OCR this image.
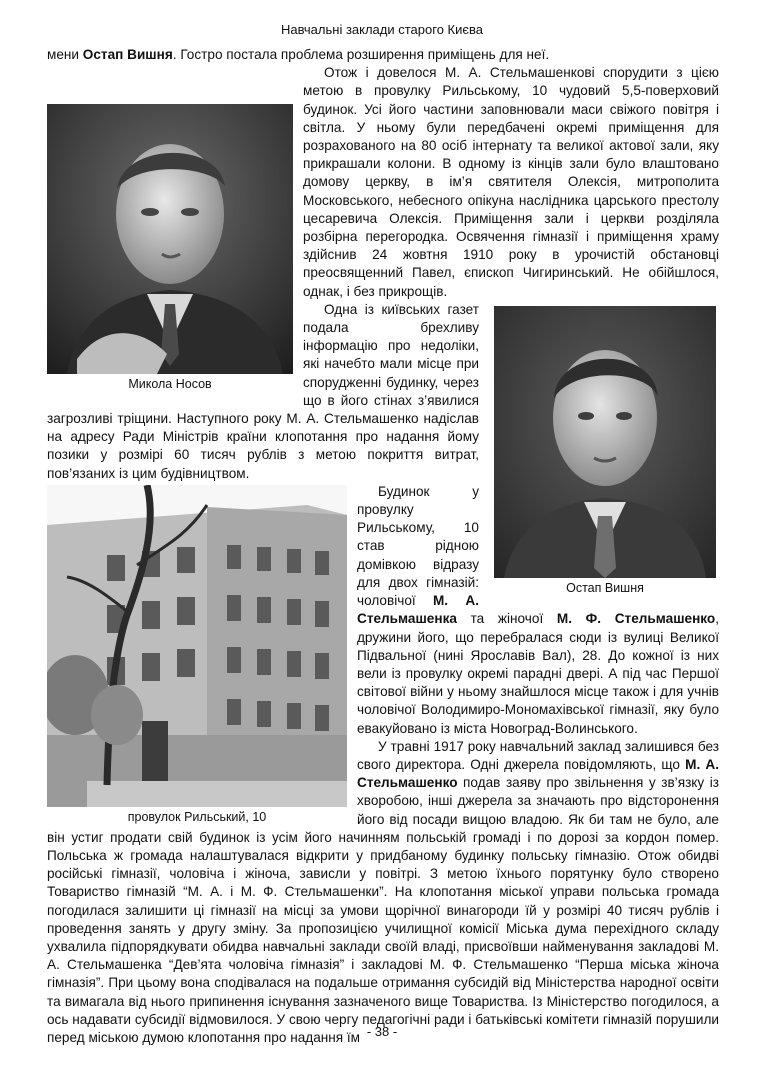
Навчальні заклади старого Києва

мени Остап Вишня. Гостро постала проблема розширення приміщень для неї.

Микола Носов

Отож і довелося М. А. Стельмашенкові спорудити з цією метою в провулку Рильському, 10 чудовий 5,5-поверховий будинок. Усі його частини заповнювали маси свіжого повітря і світла. У ньому були передбачені окремі приміщення для розрахованого на 80 осіб інтернату та великої актової зали, яку прикрашали колони. В одному із кінців зали було влаштовано домову церкву, в ім’я святителя Олексія, митрополита Московського, небесного опікуна наслідника царського престолу цесаревича Олексія. Приміщення зали і церкви розділяла розбірна перегородка. Освячення гімназії і приміщення храму здійснив 24 жовтня 1910 року в урочистій обстановці преосвященний Павел, єпископ Чигиринський. Не обійшлося, однак, і без прикрощів.

Остап Вишня

Одна із київських газет подала брехливу інформацію про недоліки, які начебто мали місце при спорудженні будинку, через що в його стінах з’явилися загрозливі тріщини. Наступного року М. А. Стельмашенко надіслав на адресу Ради Міністрів країни клопотання про надання йому позики у розмірі 60 тисяч рублів з метою покриття витрат, пов’язаних із цим будівництвом.

провулок Рильський, 10

Будинок у провулку Рильському, 10 став рідною домівкою відразу для двох гімназій: чоловічої М. А. Стельмашенка та жіночої М. Ф. Стельмашенко, дружини його, що перебралася сюди із вулиці Великої Підвальної (нині Ярославів Вал), 28. До кожної із них вели із провулку окремі парадні двері. А під час Першої світової війни у ньому знайшлося місце також і для учнів чоловічої Володимиро-Мономахівської гімназії, яку було евакуйовано із міста Новоград-Волинського.

У травні 1917 року навчальний заклад залишився без свого директора. Одні джерела повідомляють, що М. А. Стельмашенко подав заяву про звільнення у зв’язку із хворобою, інші джерела за значають про відсторонення його від посади вищою владою. Як би там не було, але він устиг продати свій будинок із усім його начинням польській громаді і по дорозі за кордон помер. Польська ж громада налаштувалася відкрити у придбаному будинку польську гімназію. Отож обидві російські гімназії, чоловіча і жіноча, зависли у повітрі. З метою їхнього порятунку було створено Товариство гімназій “М. А. і М. Ф. Стельмашенки”. На клопотання міської управи польська громада погодилася залишити ці гімназії на місці за умови щорічної винагороди їй у розмірі 40 тисяч рублів і проведення занять у другу зміну. За пропозицією училищної комісії Міська дума перехідного складу ухвалила підпорядкувати обидва навчальні заклади своїй владі, присвоївши найменування закладові М. А. Стельмашенка “Дев’ята чоловіча гімназія” і закладові М. Ф. Стельмашенко “Перша міська жіноча гімназія”. При цьому вона сподівалася на подальше отримання субсидій від Міністерства народної освіти та вимагала від нього припинення існування зазначеного вище Товариства. Із Міністерство погодилося, а ось надавати субсидії відмовилося. У свою чергу педагогічні ради і батьківські комітети гімназій порушили перед міською думою клопотання про надання їм - 38 -
